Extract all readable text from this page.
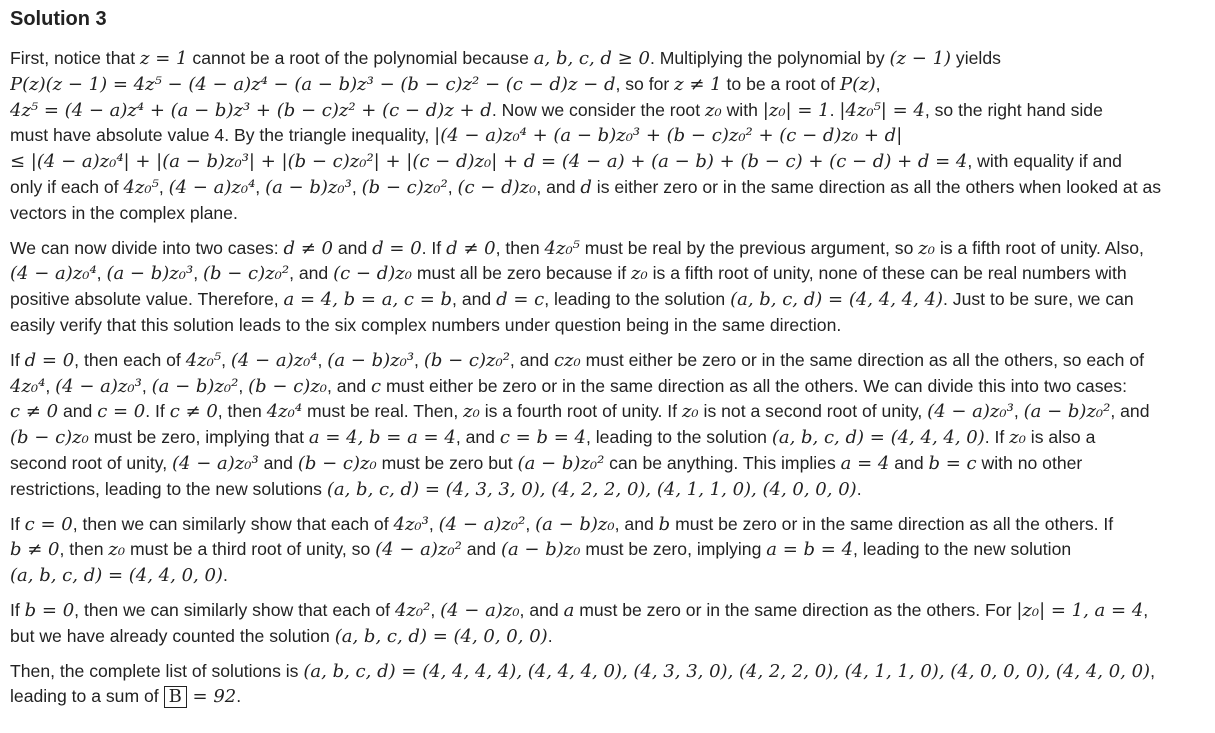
Solution 3

First, notice that z = 1 cannot be a root of the polynomial because a, b, c, d ≥ 0. Multiplying the polynomial by (z − 1) yields
P(z)(z − 1) = 4z⁵ − (4 − a)z⁴ − (a − b)z³ − (b − c)z² − (c − d)z − d, so for z ≠ 1 to be a root of P(z),
4z⁵ = (4 − a)z⁴ + (a − b)z³ + (b − c)z² + (c − d)z + d. Now we consider the root z₀ with |z₀| = 1. |4z₀⁵| = 4, so the right hand side
must have absolute value 4. By the triangle inequality, |(4 − a)z₀⁴ + (a − b)z₀³ + (b − c)z₀² + (c − d)z₀ + d|
≤ |(4 − a)z₀⁴| + |(a − b)z₀³| + |(b − c)z₀²| + |(c − d)z₀| + d = (4 − a) + (a − b) + (b − c) + (c − d) + d = 4, with equality if and
only if each of 4z₀⁵, (4 − a)z₀⁴, (a − b)z₀³, (b − c)z₀², (c − d)z₀, and d is either zero or in the same direction as all the others when looked at as
vectors in the complex plane.

We can now divide into two cases: d ≠ 0 and d = 0. If d ≠ 0, then 4z₀⁵ must be real by the previous argument, so z₀ is a fifth root of unity. Also,
(4 − a)z₀⁴, (a − b)z₀³, (b − c)z₀², and (c − d)z₀ must all be zero because if z₀ is a fifth root of unity, none of these can be real numbers with
positive absolute value. Therefore, a = 4, b = a, c = b, and d = c, leading to the solution (a, b, c, d) = (4, 4, 4, 4). Just to be sure, we can
easily verify that this solution leads to the six complex numbers under question being in the same direction.

If d = 0, then each of 4z₀⁵, (4 − a)z₀⁴, (a − b)z₀³, (b − c)z₀², and cz₀ must either be zero or in the same direction as all the others, so each of
4z₀⁴, (4 − a)z₀³, (a − b)z₀², (b − c)z₀, and c must either be zero or in the same direction as all the others. We can divide this into two cases:
c ≠ 0 and c = 0. If c ≠ 0, then 4z₀⁴ must be real. Then, z₀ is a fourth root of unity. If z₀ is not a second root of unity, (4 − a)z₀³, (a − b)z₀², and
(b − c)z₀ must be zero, implying that a = 4, b = a = 4, and c = b = 4, leading to the solution (a, b, c, d) = (4, 4, 4, 0). If z₀ is also a
second root of unity, (4 − a)z₀³ and (b − c)z₀ must be zero but (a − b)z₀² can be anything. This implies a = 4 and b = c with no other
restrictions, leading to the new solutions (a, b, c, d) = (4, 3, 3, 0), (4, 2, 2, 0), (4, 1, 1, 0), (4, 0, 0, 0).

If c = 0, then we can similarly show that each of 4z₀³, (4 − a)z₀², (a − b)z₀, and b must be zero or in the same direction as all the others. If
b ≠ 0, then z₀ must be a third root of unity, so (4 − a)z₀² and (a − b)z₀ must be zero, implying a = b = 4, leading to the new solution
(a, b, c, d) = (4, 4, 0, 0).

If b = 0, then we can similarly show that each of 4z₀², (4 − a)z₀, and a must be zero or in the same direction as the others. For |z₀| = 1, a = 4,
but we have already counted the solution (a, b, c, d) = (4, 0, 0, 0).

Then, the complete list of solutions is (a, b, c, d) = (4, 4, 4, 4), (4, 4, 4, 0), (4, 3, 3, 0), (4, 2, 2, 0), (4, 1, 1, 0), (4, 0, 0, 0), (4, 4, 0, 0),
leading to a sum of B = 92.
